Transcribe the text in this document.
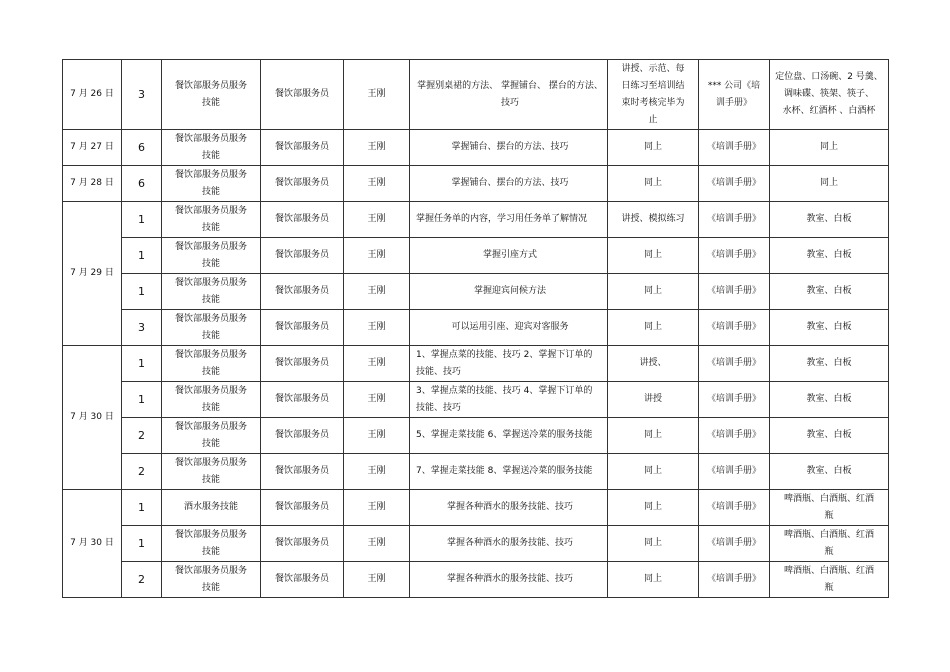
7 月 26 日	3	餐饮部服务员服务
技能	餐饮部服务员	王刚	掌握别桌裙的方法、 掌握铺台、 摆台的方法、
技巧	讲授、示范、每
日练习至培训结
束时考核完毕为
止	*** 公司《培
训手册》	定位盘、口汤碗、2 号羹、
调味碟、筷架、筷子、
水杯、红酒杯 、白酒杯
7 月 27 日	6	餐饮部服务员服务
技能	餐饮部服务员	王刚	掌握铺台、摆台的方法、技巧	同上	《培训手册》	同上
7 月 28 日	6	餐饮部服务员服务
技能	餐饮部服务员	王刚	掌握铺台、摆台的方法、技巧	同上	《培训手册》	同上
7 月 29 日	1	餐饮部服务员服务
技能	餐饮部服务员	王刚	掌握任务单的内容，学习用任务单了解情况	讲授、模拟练习	《培训手册》	教室、白板
	1	餐饮部服务员服务
技能	餐饮部服务员	王刚	掌握引座方式	同上	《培训手册》	教室、白板
	1	餐饮部服务员服务
技能	餐饮部服务员	王刚	掌握迎宾问候方法	同上	《培训手册》	教室、白板
	3	餐饮部服务员服务
技能	餐饮部服务员	王刚	可以运用引座、迎宾对客服务	同上	《培训手册》	教室、白板
7 月 30 日	1	餐饮部服务员服务
技能	餐饮部服务员	王刚	1、掌握点菜的技能、技巧 2、掌握下订单的
技能、技巧	讲授、	《培训手册》	教室、白板
	1	餐饮部服务员服务
技能	餐饮部服务员	王刚	3、掌握点菜的技能、技巧 4、掌握下订单的
技能、技巧	讲授	《培训手册》	教室、白板
	2	餐饮部服务员服务
技能	餐饮部服务员	王刚	5、掌握走菜技能 6、掌握送冷菜的服务技能	同上	《培训手册》	教室、白板
	2	餐饮部服务员服务
技能	餐饮部服务员	王刚	7、掌握走菜技能 8、掌握送冷菜的服务技能	同上	《培训手册》	教室、白板
7 月 30 日	1	酒水服务技能	餐饮部服务员	王刚	掌握各种酒水的服务技能、技巧	同上	《培训手册》	啤酒瓶、白酒瓶、红酒
瓶
	1	餐饮部服务员服务
技能	餐饮部服务员	王刚	掌握各种酒水的服务技能、技巧	同上	《培训手册》	啤酒瓶、白酒瓶、红酒
瓶
	2	餐饮部服务员服务
技能	餐饮部服务员	王刚	掌握各种酒水的服务技能、技巧	同上	《培训手册》	啤酒瓶、白酒瓶、红酒
瓶
